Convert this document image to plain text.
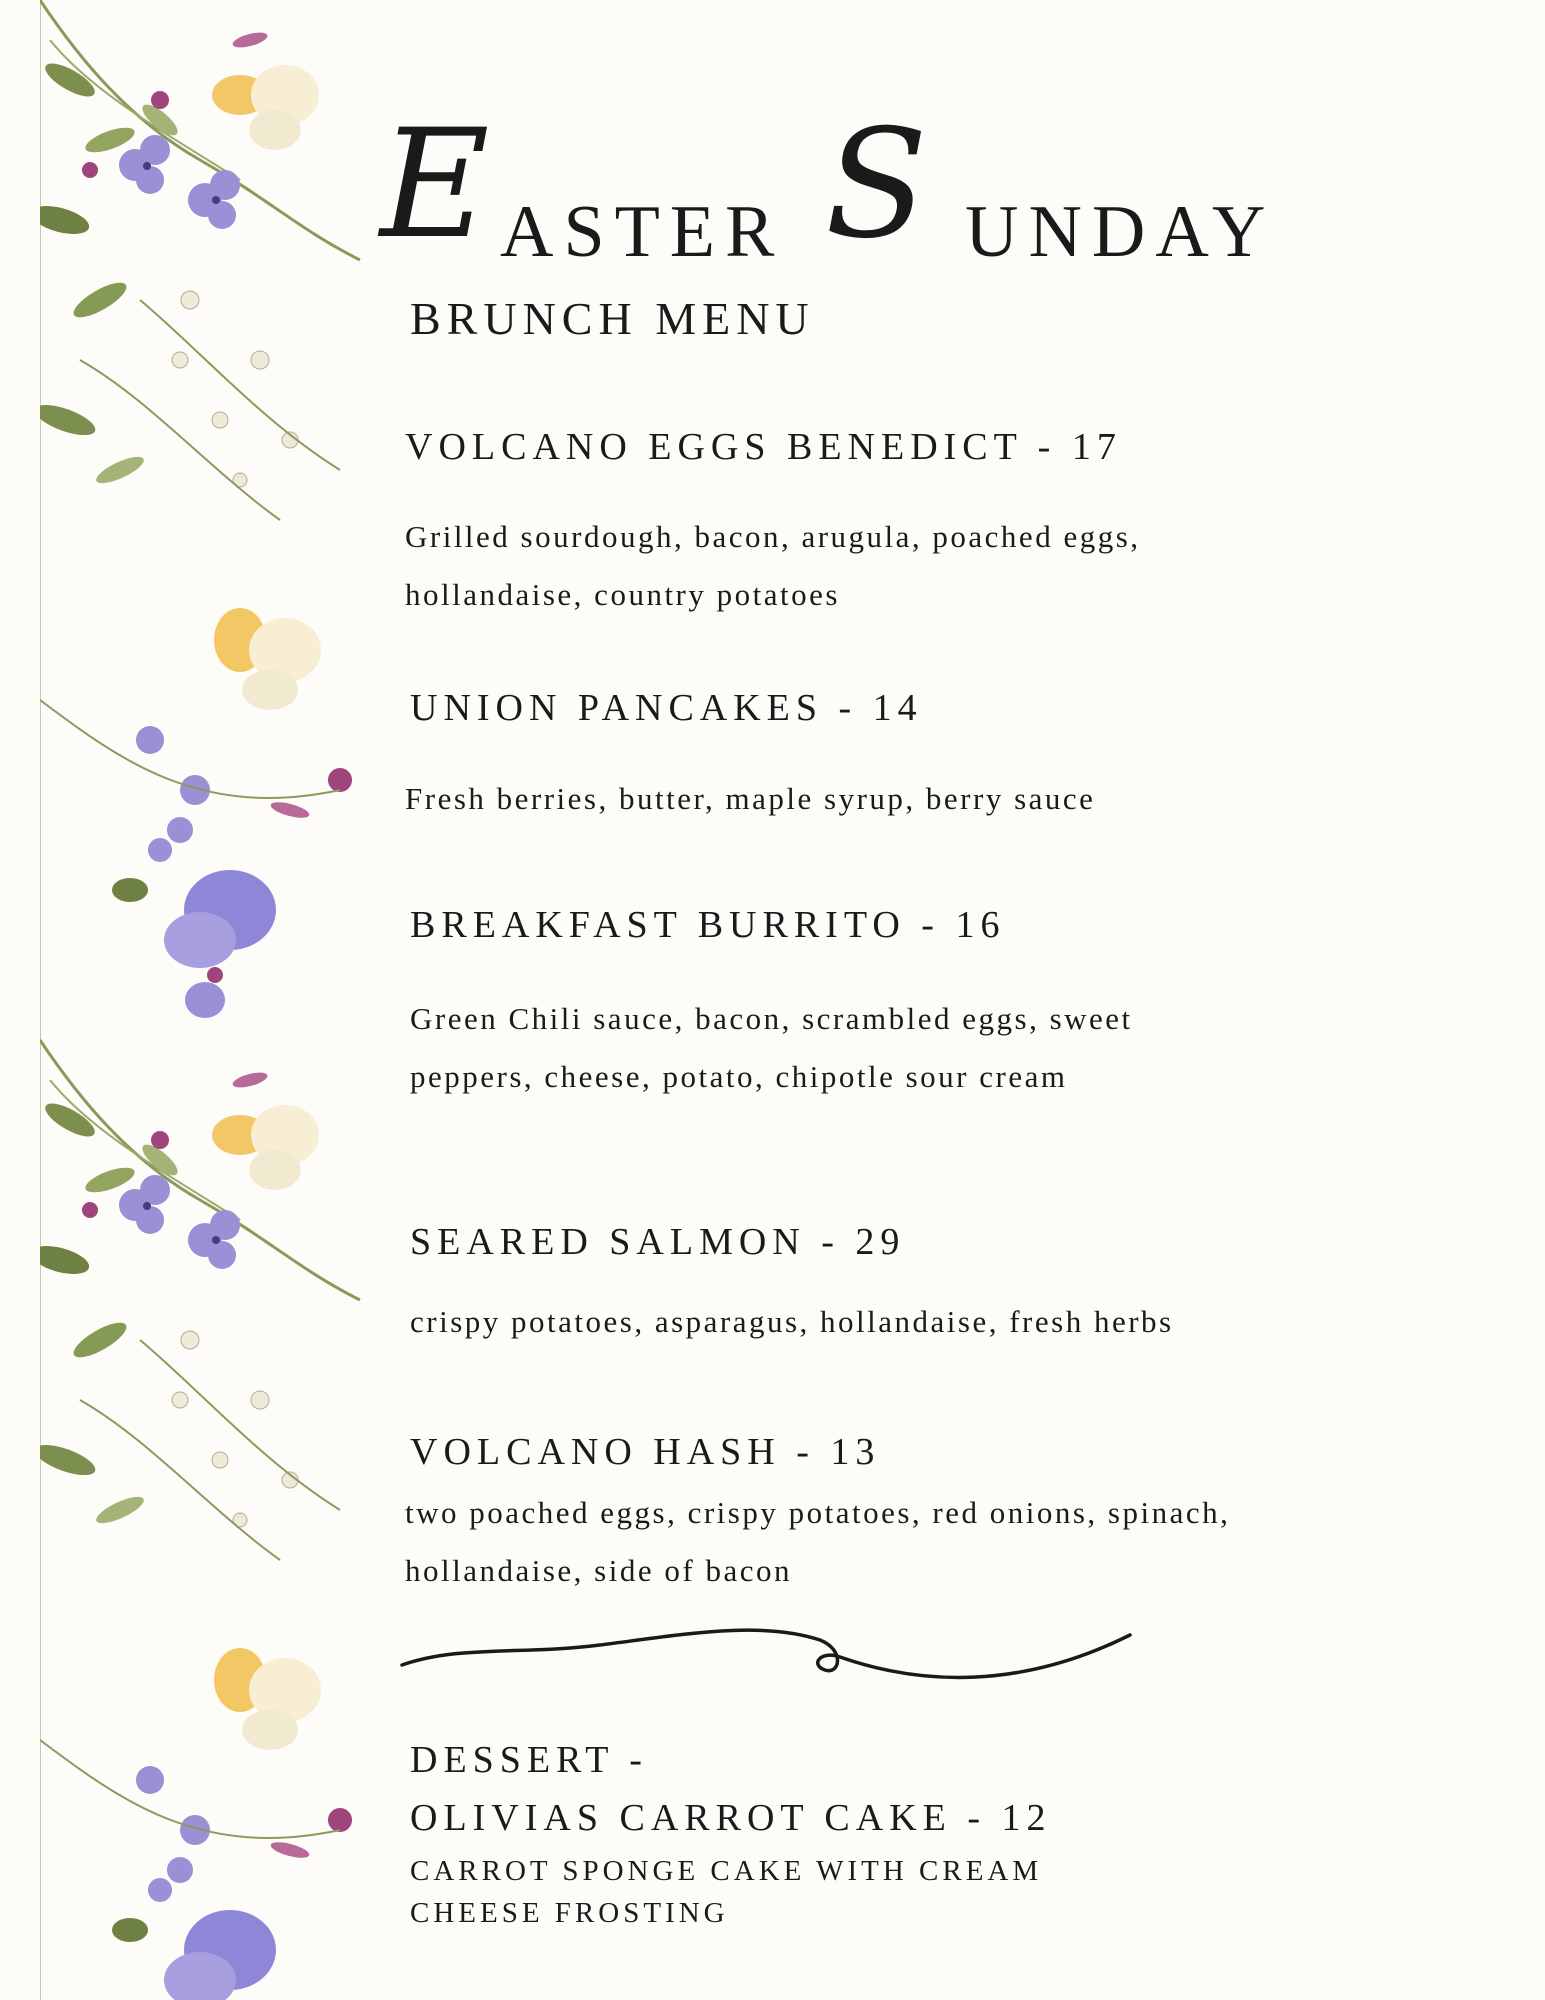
E ASTER S UNDAY
BRUNCH MENU
VOLCANO EGGS BENEDICT - 17
Grilled sourdough, bacon, arugula, poached eggs, hollandaise, country potatoes
UNION PANCAKES - 14
Fresh berries, butter, maple syrup, berry sauce
BREAKFAST BURRITO - 16
Green Chili sauce, bacon, scrambled eggs, sweet peppers, cheese, potato, chipotle sour cream
SEARED SALMON - 29
crispy potatoes, asparagus, hollandaise, fresh herbs
VOLCANO HASH - 13
two poached eggs, crispy potatoes, red onions, spinach, hollandaise, side of bacon
DESSERT -
OLIVIAS CARROT CAKE - 12
CARROT SPONGE CAKE WITH CREAM CHEESE FROSTING
